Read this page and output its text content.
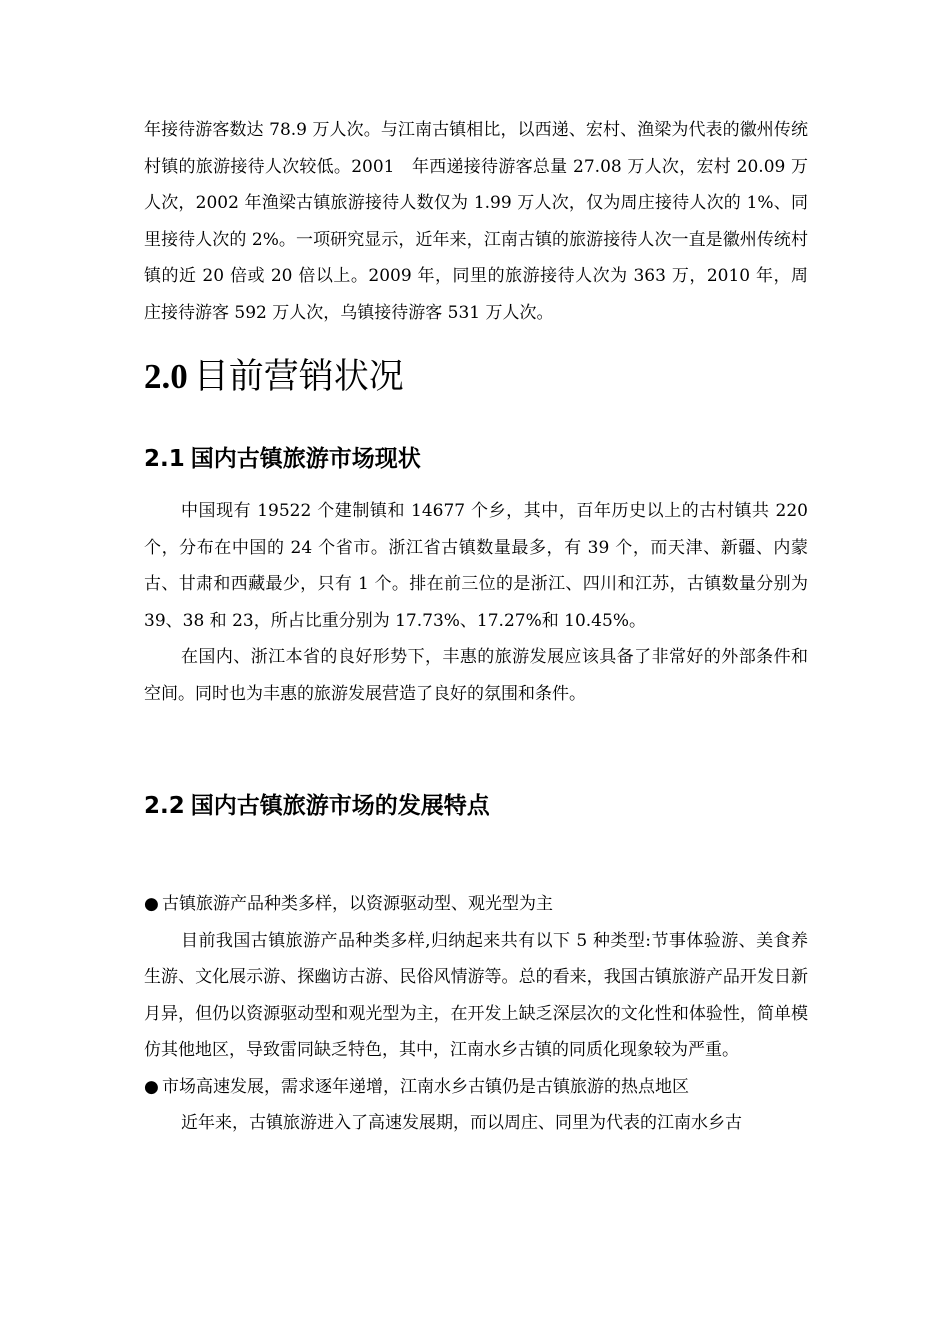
年接待游客数达 78.9 万人次。与江南古镇相比，以西递、宏村、渔梁为代表的徽州传统村镇的旅游接待人次较低。2001　年西递接待游客总量 27.08 万人次，宏村 20.09 万人次，2002 年渔梁古镇旅游接待人数仅为 1.99 万人次，仅为周庄接待人次的 1%、同里接待人次的 2%。一项研究显示，近年来，江南古镇的旅游接待人次一直是徽州传统村镇的近 20 倍或 20 倍以上。2009 年，同里的旅游接待人次为 363 万，2010 年，周庄接待游客 592 万人次，乌镇接待游客 531 万人次。

2.0 目前营销状况
2.1 国内古镇旅游市场现状

中国现有 19522 个建制镇和 14677 个乡，其中，百年历史以上的古村镇共 220 个，分布在中国的 24 个省市。浙江省古镇数量最多，有 39 个，而天津、新疆、内蒙古、甘肃和西藏最少，只有 1 个。排在前三位的是浙江、四川和江苏，古镇数量分别为 39、38 和 23，所占比重分别为 17.73%、17.27%和 10.45%。

在国内、浙江本省的良好形势下，丰惠的旅游发展应该具备了非常好的外部条件和空间。同时也为丰惠的旅游发展营造了良好的氛围和条件。

2.2 国内古镇旅游市场的发展特点

● 古镇旅游产品种类多样，以资源驱动型、观光型为主

目前我国古镇旅游产品种类多样,归纳起来共有以下 5 种类型:节事体验游、美食养生游、文化展示游、探幽访古游、民俗风情游等。总的看来，我国古镇旅游产品开发日新月异，但仍以资源驱动型和观光型为主，在开发上缺乏深层次的文化性和体验性，简单模仿其他地区，导致雷同缺乏特色，其中，江南水乡古镇的同质化现象较为严重。

● 市场高速发展，需求逐年递增，江南水乡古镇仍是古镇旅游的热点地区

近年来，古镇旅游进入了高速发展期，而以周庄、同里为代表的江南水乡古
